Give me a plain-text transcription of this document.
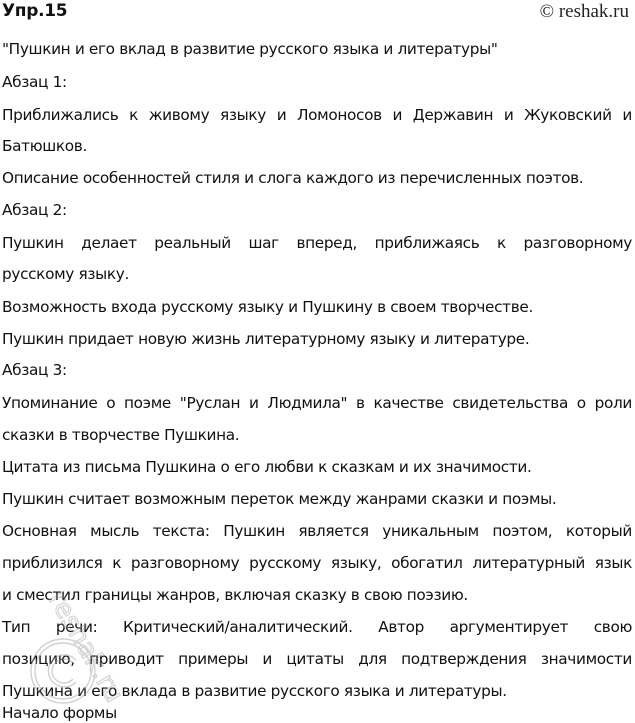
Упр.15	© reshak.ru
"Пушкин и его вклад в развитие русского языка и литературы"
Абзац 1:
Приближались к живому языку и Ломоносов и Державин и Жуковский и
Батюшков.
Описание особенностей стиля и слога каждого из перечисленных поэтов.
Абзац 2:
Пушкин делает реальный шаг вперед, приближаясь к разговорному
русскому языку.
Возможность входа русскому языку и Пушкину в своем творчестве.
Пушкин придает новую жизнь литературному языку и литературе.
Абзац 3:
Упоминание о поэме "Руслан и Людмила" в качестве свидетельства о роли
сказки в творчестве Пушкина.
Цитата из письма Пушкина о его любви к сказкам и их значимости.
Пушкин считает возможным переток между жанрами сказки и поэмы.
Основная мысль текста: Пушкин является уникальным поэтом, который
приблизился к разговорному русскому языку, обогатил литературный язык
и сместил границы жанров, включая сказку в свою поэзию.
Тип речи: Критический/аналитический. Автор аргументирует свою
позицию, приводит примеры и цитаты для подтверждения значимости
Пушкина и его вклада в развитие русского языка и литературы.
Начало формы
reshak.ru
